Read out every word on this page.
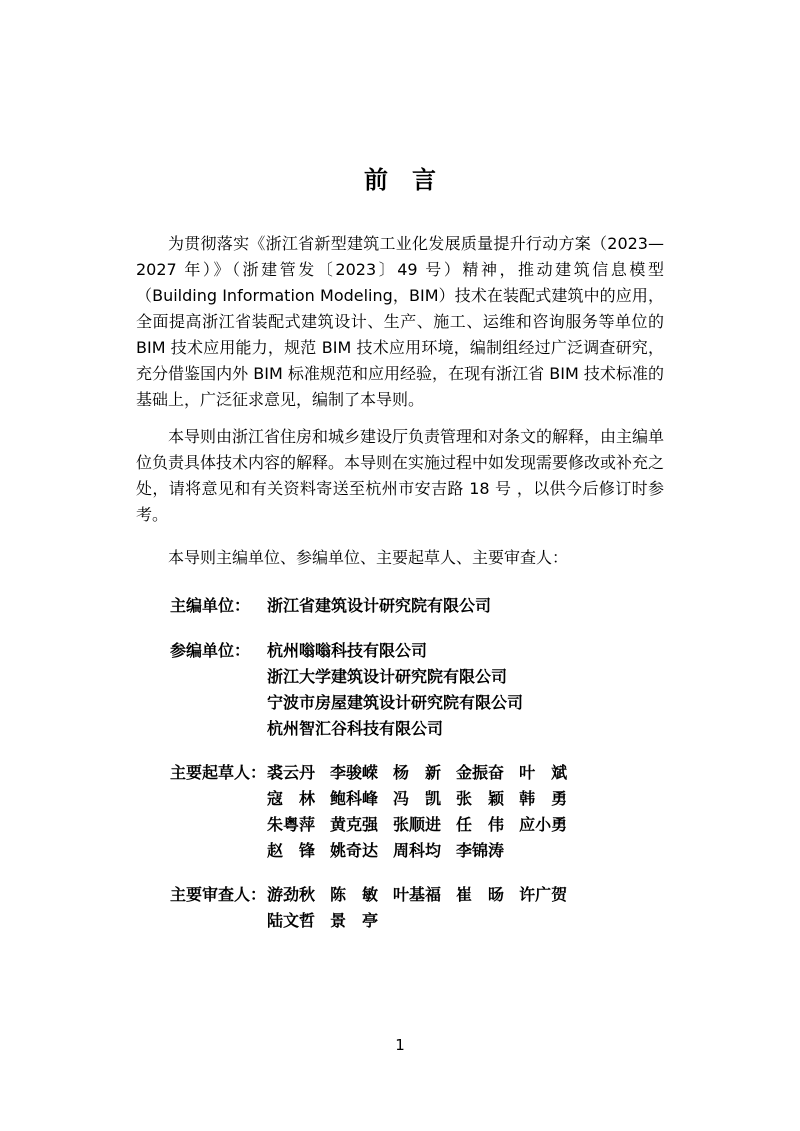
前　言

为贯彻落实《浙江省新型建筑工业化发展质量提升行动方案（2023—2027 年）》（浙建管发〔2023〕49 号）精神，推动建筑信息模型（Building Information Modeling，BIM）技术在装配式建筑中的应用，全面提高浙江省装配式建筑设计、生产、施工、运维和咨询服务等单位的 BIM 技术应用能力，规范 BIM 技术应用环境，编制组经过广泛调查研究，充分借鉴国内外 BIM 标准规范和应用经验，在现有浙江省 BIM 技术标准的基础上，广泛征求意见，编制了本导则。

本导则由浙江省住房和城乡建设厅负责管理和对条文的解释，由主编单位负责具体技术内容的解释。本导则在实施过程中如发现需要修改或补充之处，请将意见和有关资料寄送至杭州市安吉路 18 号 ，以供今后修订时参考。

本导则主编单位、参编单位、主要起草人、主要审查人：

主编单位：	浙江省建筑设计研究院有限公司
参编单位：	杭州嗡嗡科技有限公司
浙江大学建筑设计研究院有限公司
宁波市房屋建筑设计研究院有限公司
杭州智汇谷科技有限公司
主要起草人： 裘云丹 李骏嵘 杨　新 金振奋 叶　斌
寇　林 鲍科峰 冯　凯 张　颖 韩　勇
朱粤萍 黄克强 张顺进 任　伟 应小勇
赵　锋 姚奇达 周科均 李锦涛
主要审查人： 游劲秋 陈　敏 叶基福 崔　旸 许广贺
陆文哲 景　亭
1
